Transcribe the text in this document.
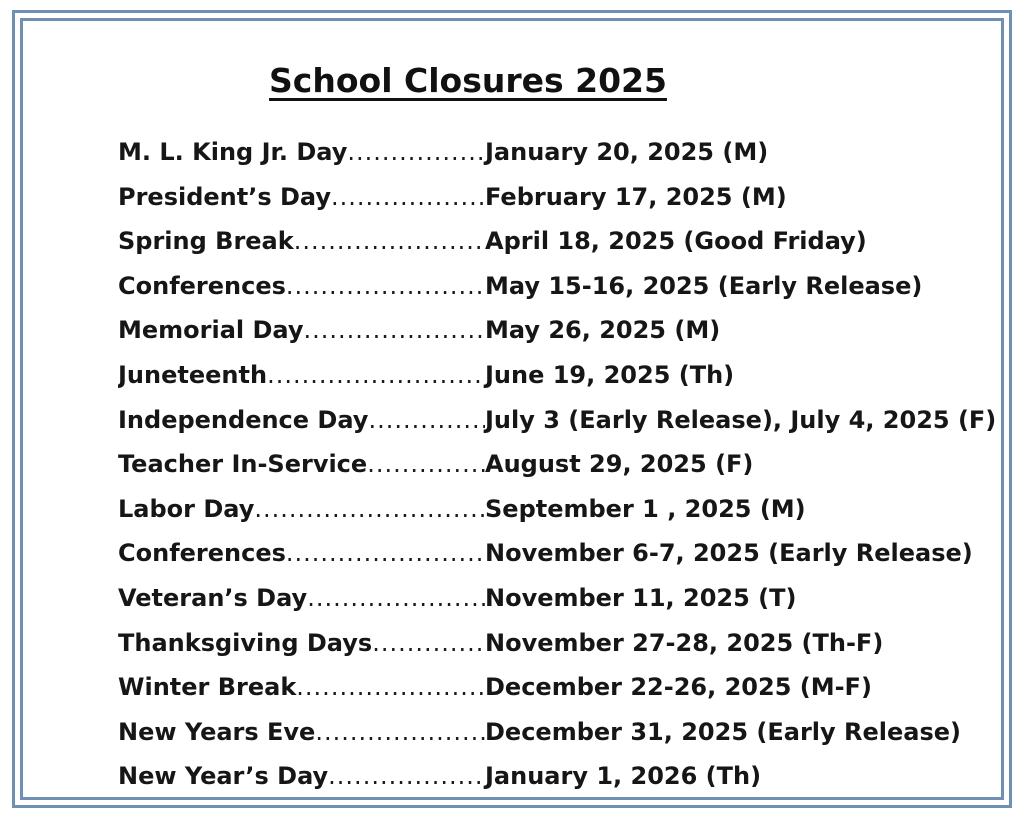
School Closures 2025
M. L. King Jr. Day .....	January 20, 2025 (M)
President’s Day .....	February 17, 2025 (M)
Spring Break .....	April 18, 2025 (Good Friday)
Conferences .....	May 15-16, 2025 (Early Release)
Memorial Day .....	May 26, 2025 (M)
Juneteenth .....	June 19, 2025 (Th)
Independence Day .....	July 3 (Early Release), July 4, 2025 (F)
Teacher In-Service .....	August 29, 2025 (F)
Labor Day .....	September 1 , 2025 (M)
Conferences .....	November 6-7, 2025 (Early Release)
Veteran’s Day .....	November 11, 2025 (T)
Thanksgiving Days .....	November 27-28, 2025 (Th-F)
Winter Break .....	December 22-26, 2025 (M-F)
New Years Eve .....	December 31, 2025 (Early Release)
New Year’s Day .....	January 1, 2026 (Th)
